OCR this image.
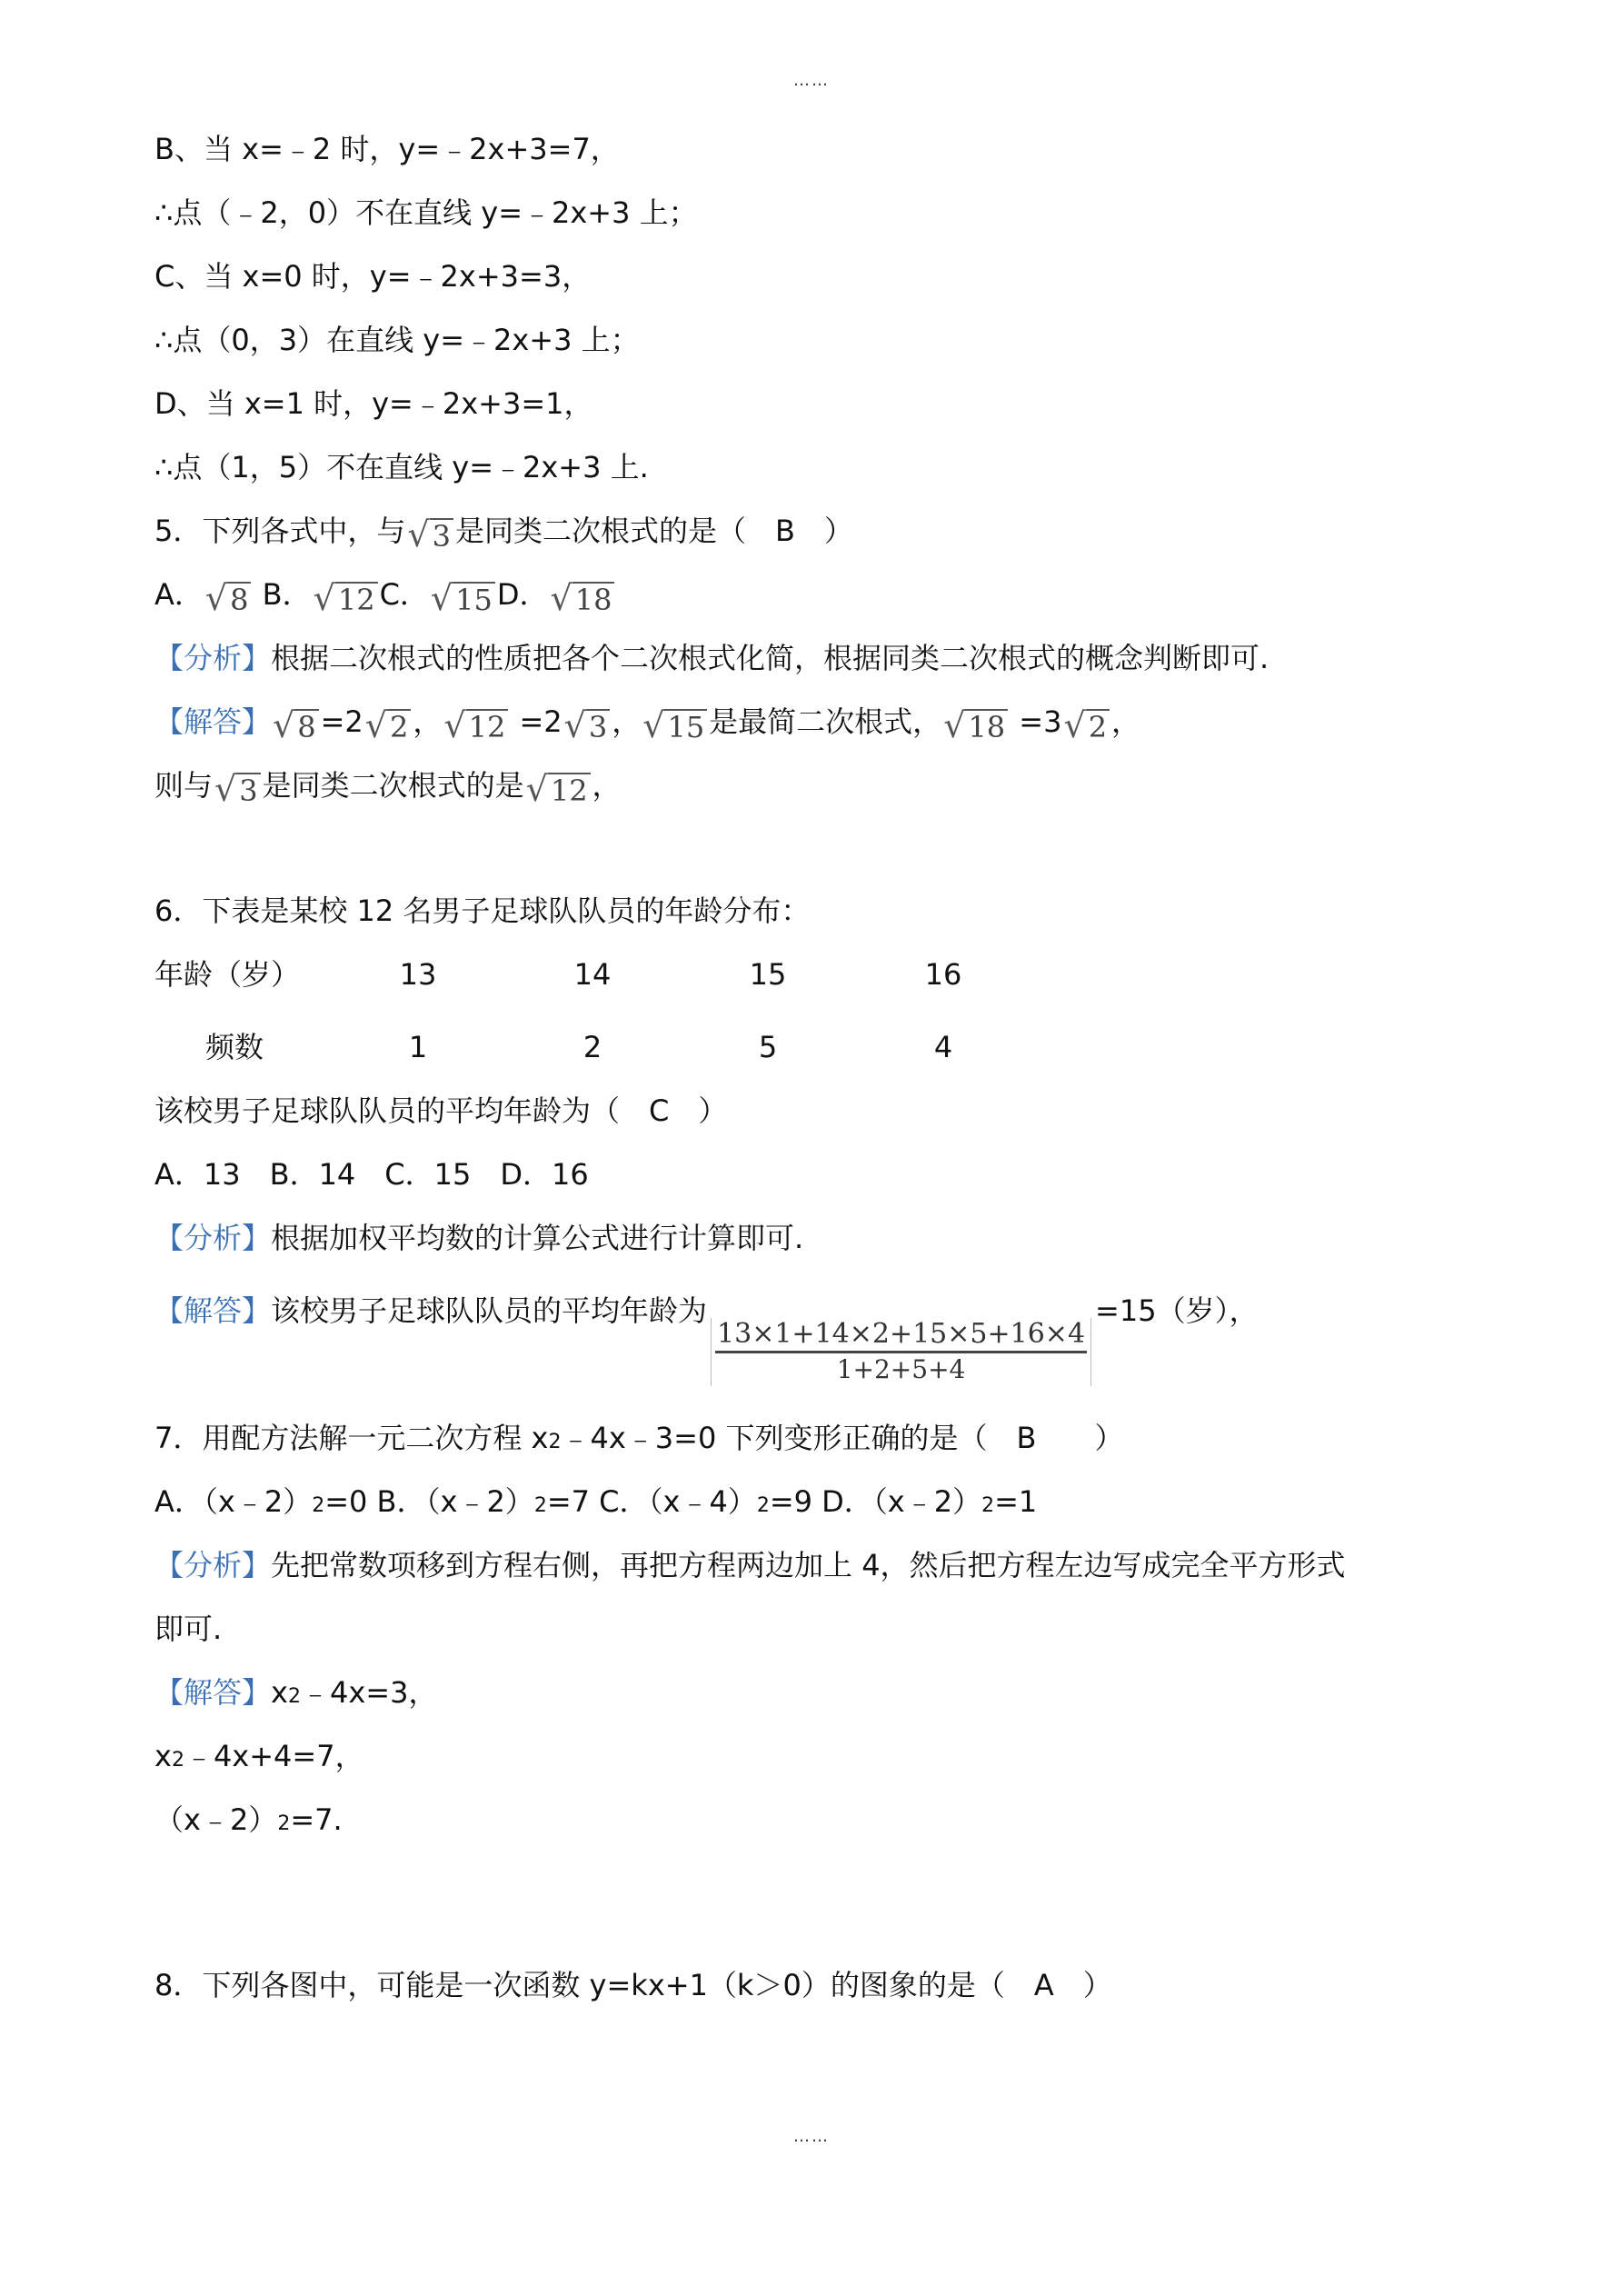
……
B、当 x=﹣2 时，y=﹣2x+3=7，
∴点（﹣2，0）不在直线 y=﹣2x+3 上；
C、当 x=0 时，y=﹣2x+3=3，
∴点（0，3）在直线 y=﹣2x+3 上；
D、当 x=1 时，y=﹣2x+3=1，
∴点（1，5）不在直线 y=﹣2x+3 上.
5．下列各式中，与 √ 3 是同类二次根式的是（　B　）
A． √ 8 B． √ 12 C． √ 15 D． √ 18
【分析】根据二次根式的性质把各个二次根式化简，根据同类二次根式的概念判断即可.
【解答】 √ 8 =2 √ 2 ， √ 12 =2 √ 3 ， √ 15 是最简二次根式， √ 18 =3 √ 2 ，
则与 √ 3 是同类二次根式的是 √ 12 ，
6．下表是某校 12 名男子足球队队员的年龄分布：
年龄（岁）	13	14	15	16
频数	1	2	5	4
该校男子足球队队员的平均年龄为（　C　）
A．13　B．14　C．15　D．16
【分析】根据加权平均数的计算公式进行计算即可.
【解答】该校男子足球队队员的平均年龄为
$\frac{13\times 1+14\times 2+15\times 5+16\times 4}{1+2+5+4}$
=15（岁），
7．用配方法解一元二次方程 x2﹣4x﹣3=0 下列变形正确的是（　B　　）
A．（x﹣2）2=0 B．（x﹣2）2=7 C．（x﹣4）2=9 D．（x﹣2）2=1
【分析】先把常数项移到方程右侧，再把方程两边加上 4，然后把方程左边写成完全平方形式
即可.
【解答】x2﹣4x=3，
x2﹣4x+4=7，
（x﹣2）2=7.
8．下列各图中，可能是一次函数 y=kx+1（k＞0）的图象的是（　A　）
……
